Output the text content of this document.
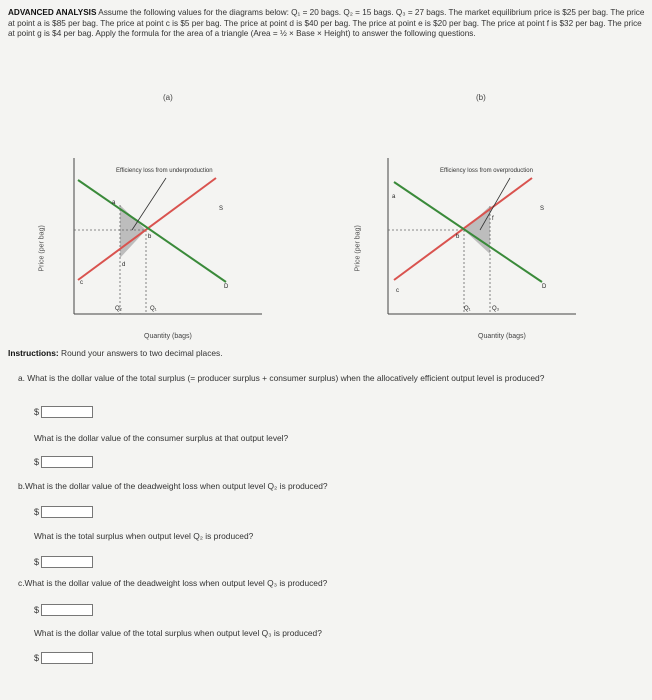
ADVANCED ANALYSIS Assume the following values for the diagrams below: Q₁ = 20 bags. Q₂ = 15 bags. Q₃ = 27 bags. The market equilibrium price is $25 per bag. The price at point a is $85 per bag. The price at point c is $5 per bag. The price at point d is $40 per bag. The price at point e is $20 per bag. The price at point f is $32 per bag. The price at point g is $4 per bag. Apply the formula for the area of a triangle (Area = ½ × Base × Height) to answer the following questions.
(a)	(b)
Price (per bag)
a
b
c
d
S
D
Q₂	Q₁
Efficiency loss from underproduction
Quantity (bags)
Price (per bag)
a
b
c
f
S
D
Q₁	Q₃
Efficiency loss from overproduction
Quantity (bags)
Instructions: Round your answers to two decimal places.
a. What is the dollar value of the total surplus (= producer surplus + consumer surplus) when the allocatively efficient output level is produced?
$
What is the dollar value of the consumer surplus at that output level?
$
b.What is the dollar value of the deadweight loss when output level Q₂ is produced?
$
What is the total surplus when output level Q₂ is produced?
$
c.What is the dollar value of the deadweight loss when output level Q₃ is produced?
$
What is the dollar value of the total surplus when output level Q₃ is produced?
$
